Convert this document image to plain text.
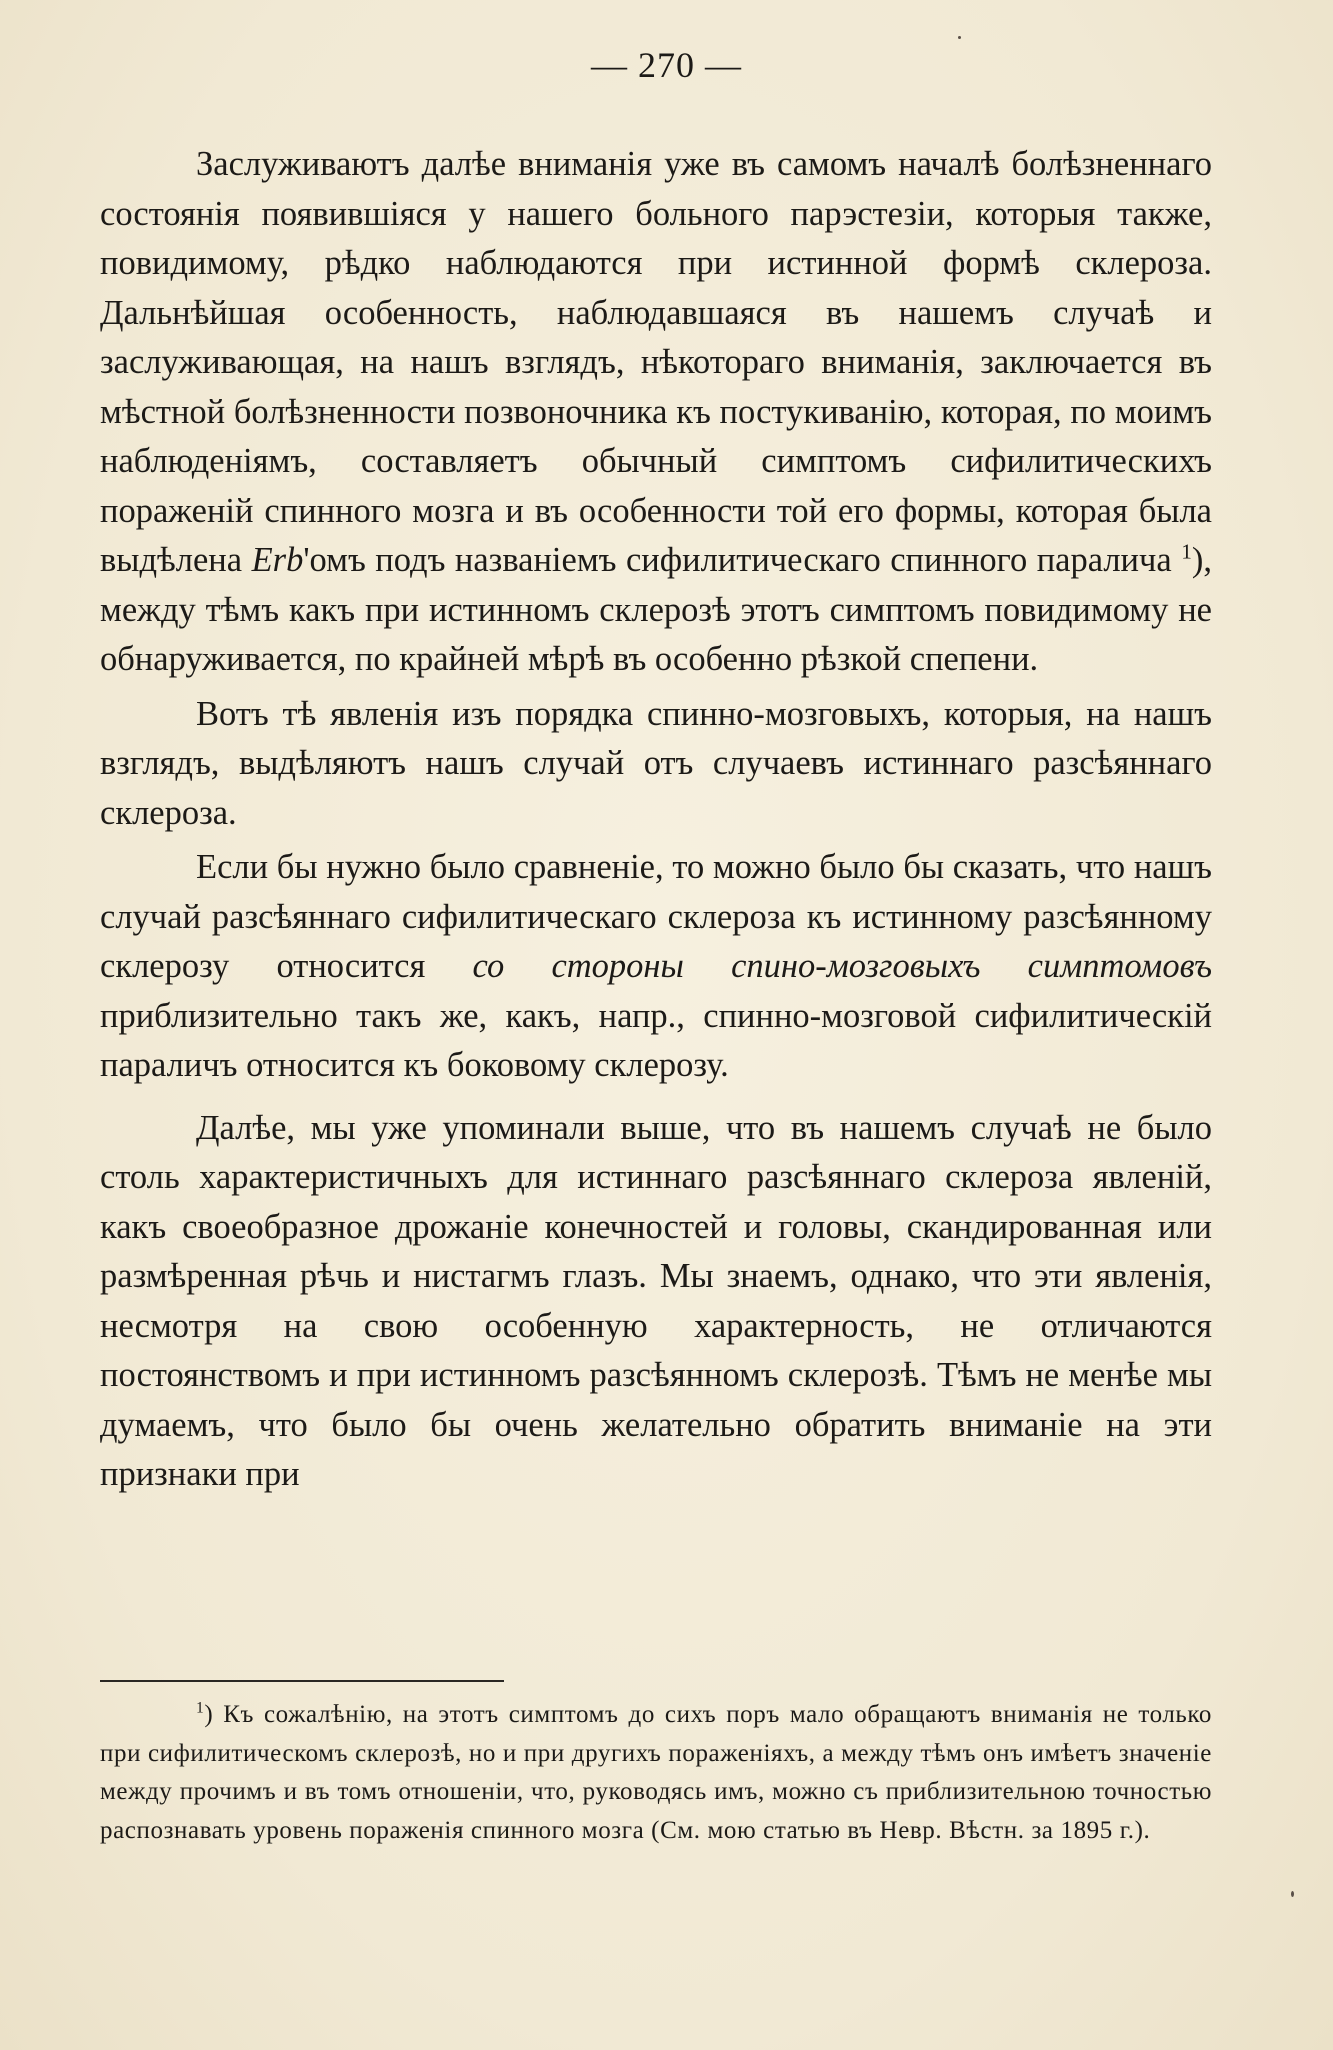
— 270 —

Заслуживаютъ далѣе вниманія уже въ самомъ началѣ болѣзненнаго состоянія появившіяся у нашего больного парэстезіи, которыя также, повидимому, рѣдко наблюдаются при истинной формѣ склероза. Дальнѣйшая особенность, наблюдавшаяся въ нашемъ случаѣ и заслуживающая, на нашъ взглядъ, нѣкотораго вниманія, заключается въ мѣстной болѣзненности позвоночника къ постукиванію, которая, по моимъ наблюденіямъ, составляетъ обычный симптомъ сифилитическихъ пораженій спинного мозга и въ особенности той его формы, которая была выдѣлена Erb'омъ подъ названіемъ сифилитическаго спинного паралича $^1$), между тѣмъ какъ при истинномъ склерозѣ этотъ симптомъ повидимому не обнаруживается, по крайней мѣрѣ въ особенно рѣзкой спепени.

Вотъ тѣ явленія изъ порядка спинно-мозговыхъ, которыя, на нашъ взглядъ, выдѣляютъ нашъ случай отъ случаевъ истиннаго разсѣяннаго склероза.

Если бы нужно было сравненіе, то можно было бы сказать, что нашъ случай разсѣяннаго сифилитическаго склероза къ истинному разсѣянному склерозу относится со стороны спино-мозговыхъ симптомовъ приблизительно такъ же, какъ, напр., спинно-мозговой сифилитическій параличъ относится къ боковому склерозу.

Далѣе, мы уже упоминали выше, что въ нашемъ случаѣ не было столь характеристичныхъ для истиннаго разсѣяннаго склероза явленій, какъ своеобразное дрожаніе конечностей и головы, скандированная или размѣренная рѣчь и нистагмъ глазъ. Мы знаемъ, однако, что эти явленія, несмотря на свою особенную характерность, не отличаются постоянствомъ и при истинномъ разсѣянномъ склерозѣ. Тѣмъ не менѣе мы думаемъ, что было бы очень желательно обратить вниманіе на эти признаки при

$^1$) Къ сожалѣнію, на этотъ симптомъ до сихъ поръ мало обращаютъ вниманія не только при сифилитическомъ склерозѣ, но и при другихъ пораженіяхъ, а между тѣмъ онъ имѣетъ значеніе между прочимъ и въ томъ отношеніи, что, руководясь имъ, можно съ приблизительною точностью распознавать уровень пораженія спинного мозга (См. мою статью въ Невр. Вѣстн. за 1895 г.).
